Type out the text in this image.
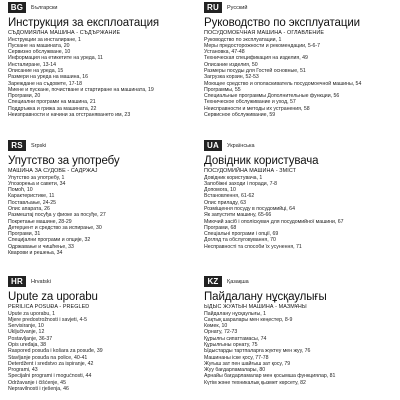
BG	Български
Инструкция за експлоатация
СЪДОМИЯЛНА МАШИНА - СЪДЪРЖАНИЕ
Инструкции за инсталиране, 1
Пускане на машината, 20
Сервизно обслужване, 10
Информация на етикетите на уреда, 11
Инсталиране, 13-14
Описание на уреда, 15
Размери на уреда на машина, 16
Зареждане на съдовете, 17-18
Миене и пускане, почистване и стартиране на машината, 19
Програми, 20
Специални програми на машина, 21
Поддръжка и грижа за машината, 22
Неизправности и начини за отстраняването им, 23
RU	Русский
Руководство по эксплуатации
ПОСУДОМОЕЧНАЯ МАШИНА - ОГЛАВЛЕНИЕ
Руководство по эксплуатации, 1
Меры предосторожности и рекомендации, 5-6-7
Установка, 47-48
Техническая спецификация на изделия, 49
Описание изделия, 50
Размеры посуды для Гостей основные, 51
Загрузка корзин, 52-53
Моющее средство и ополаскиватель посудомоечной машины, 54
Программы, 55
Специальные программы Дополнительные функции, 56
Техническое обслуживание и уход, 57
Неисправности и методы их устранения, 58
Сервисное обслуживание, 59
RS	Srpski
Упутство за употребу
МАШИНА ЗА СУДОВЕ - САДРЖАЈ
Упутство за употребу, 1
Упозорења и савети, 34
Помоћ, 10
Карактеристике, 11
Постављање, 24-25
Опис апарата, 26
Размештај посуђа у фиоке за посуђе, 27
Покретање машине, 28-29
Детерџент и средство за испирање, 30
Програми, 31
Специјални програми и опције, 32
Одржавање и чишћење, 33
Кварови и решења, 34
UA	Українська
Довідник користувача
ПОСУДОМИЙНА МАШИНА - ЗМІСТ
Довідник користувача, 1
Запобіжні заходи і поради, 7-8
Допомога, 10
Встановлення, 61-62
Опис приладу, 63
Розміщення посуду в посудомийці, 64
Як запустити машину, 65-66
Миючий засіб і ополіскувач для посудомийної машини, 67
Програми, 68
Спеціальні програми і опції, 69
Догляд та обслуговування, 70
Несправності та способи їх усунення, 71
HR	Hrvatski
Upute za uporabu
PERILICA POSUĐA - PREGLED
Upute za uporabu, 1
Mjere predostrožnosti i savjeti, 4-5
Servisiranje, 10
Uključivanje, 12
Postavljanje, 36-37
Opis uređaja, 38
Raspored posuđa i košara za posuđe, 39
Stavljanje posuđa na police, 40-41
Deterdžent i sredstvo za ispiranje, 42
Programi, 43
Specijalni programi i mogućnosti, 44
Održavanje i čišćenje, 45
Nepravilnosti i rješenja, 46
KZ	Қазақша
Пайдалану нұсқаулығы
ЫДЫС ЖУАТЫН МАШИНА - МАЗМҰНЫ
Пайдалану нұсқаулығы, 1
Сақтық шаралары мен кеңестер, 8-9
Көмек, 10
Орнату, 72-73
Құрылғы сипаттамасы, 74
Құрылғыны орнату, 75
Ыдыстарды тартпаларға жүктеу мен жуу, 76
Машинаны іске қосу, 77-78
Жуғыш зат пен шайғыш зат қосу, 79
Жуу бағдарламалары, 80
Арнайы бағдарламалар мен қосымша функциялар, 81
Күтім және техникалық қызмет көрсету, 82
